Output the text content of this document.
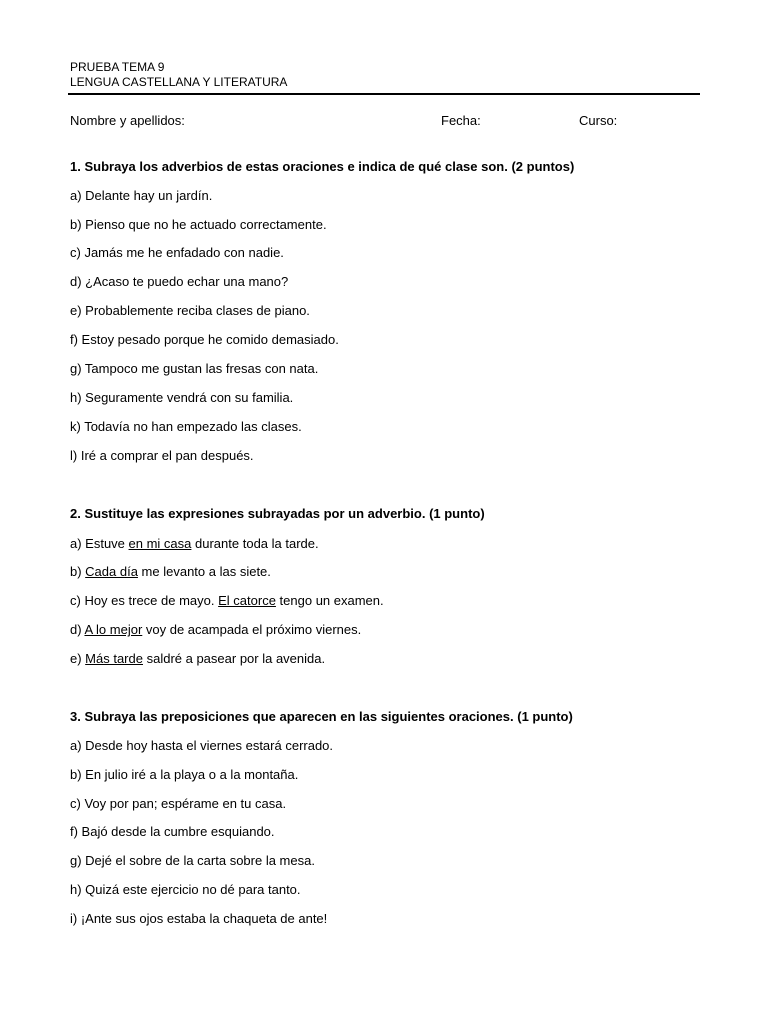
PRUEBA TEMA 9
LENGUA CASTELLANA Y LITERATURA
Nombre y apellidos:	Fecha:	Curso:
1. Subraya los adverbios de estas oraciones e indica de qué clase son. (2 puntos)
a) Delante hay un jardín.
b) Pienso que no he actuado correctamente.
c) Jamás me he enfadado con nadie.
d) ¿Acaso te puedo echar una mano?
e) Probablemente reciba clases de piano.
f) Estoy pesado porque he comido demasiado.
g) Tampoco me gustan las fresas con nata.
h) Seguramente vendrá con su familia.
k) Todavía no han empezado las clases.
l) Iré a comprar el pan después.
2. Sustituye las expresiones subrayadas por un adverbio. (1 punto)
a) Estuve en mi casa durante toda la tarde.
b) Cada día me levanto a las siete.
c) Hoy es trece de mayo. El catorce tengo un examen.
d) A lo mejor voy de acampada el próximo viernes.
e) Más tarde saldré a pasear por la avenida.
3. Subraya las preposiciones que aparecen en las siguientes oraciones. (1 punto)
a) Desde hoy hasta el viernes estará cerrado.
b) En julio iré a la playa o a la montaña.
c) Voy por pan; espérame en tu casa.
f) Bajó desde la cumbre esquiando.
g) Dejé el sobre de la carta sobre la mesa.
h) Quizá este ejercicio no dé para tanto.
i) ¡Ante sus ojos estaba la chaqueta de ante!
